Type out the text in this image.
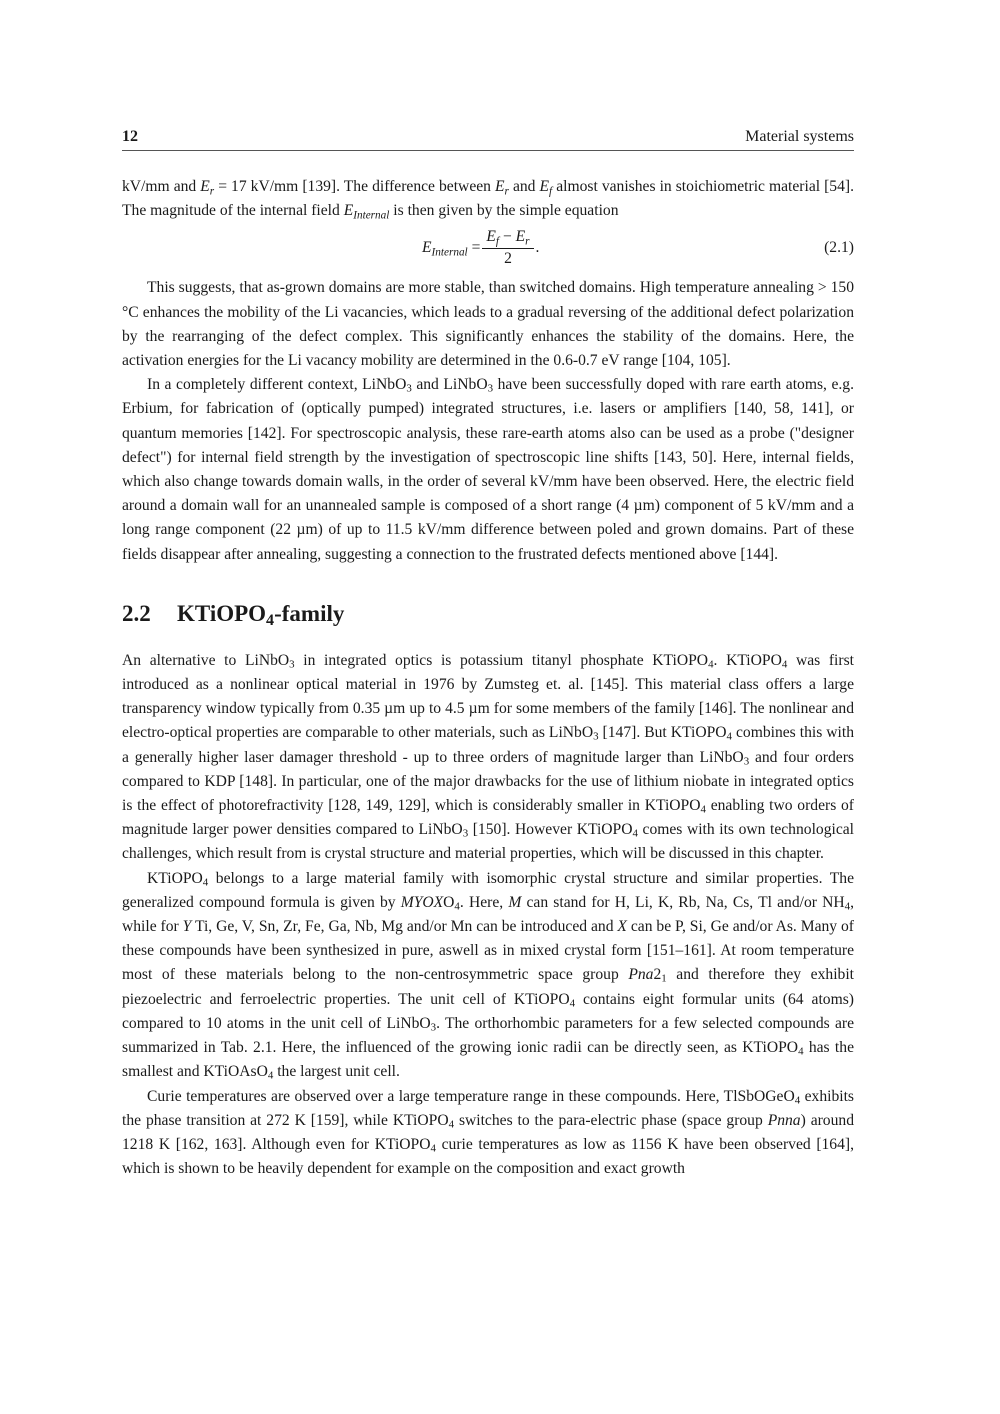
12	Material systems

kV/mm and $E_r = 17$ kV/mm [139]. The difference between $E_r$ and $E_f$ almost vanishes in stoichiometric material [54]. The magnitude of the internal field $E_{Internal}$ is then given by the simple equation

$E_{Internal} = \frac{E_f - E_r}{2}$ .	(2.1)

This suggests, that as-grown domains are more stable, than switched domains. High temperature annealing > 150 °C enhances the mobility of the Li vacancies, which leads to a gradual reversing of the additional defect polarization by the rearranging of the defect complex. This significantly enhances the stability of the domains. Here, the activation energies for the Li vacancy mobility are determined in the 0.6-0.7 eV range [104, 105].

In a completely different context, LiNbO3 and LiNbO3 have been successfully doped with rare earth atoms, e.g. Erbium, for fabrication of (optically pumped) integrated structures, i.e. lasers or amplifiers [140, 58, 141], or quantum memories [142]. For spectroscopic analysis, these rare-earth atoms also can be used as a probe ("designer defect") for internal field strength by the investigation of spectroscopic line shifts [143, 50]. Here, internal fields, which also change towards domain walls, in the order of several kV/mm have been observed. Here, the electric field around a domain wall for an unannealed sample is composed of a short range (4 µm) component of 5 kV/mm and a long range component (22 µm) of up to 11.5 kV/mm difference between poled and grown domains. Part of these fields disappear after annealing, suggesting a connection to the frustrated defects mentioned above [144].

2.2 KTiOPO4-family

An alternative to LiNbO3 in integrated optics is potassium titanyl phosphate KTiOPO4. KTiOPO4 was first introduced as a nonlinear optical material in 1976 by Zumsteg et. al. [145]. This material class offers a large transparency window typically from 0.35 µm up to 4.5 µm for some members of the family [146]. The nonlinear and electro-optical properties are comparable to other materials, such as LiNbO3 [147]. But KTiOPO4 combines this with a generally higher laser damager threshold - up to three orders of magnitude larger than LiNbO3 and four orders compared to KDP [148]. In particular, one of the major drawbacks for the use of lithium niobate in integrated optics is the effect of photorefractivity [128, 149, 129], which is considerably smaller in KTiOPO4 enabling two orders of magnitude larger power densities compared to LiNbO3 [150]. However KTiOPO4 comes with its own technological challenges, which result from is crystal structure and material properties, which will be discussed in this chapter.

KTiOPO4 belongs to a large material family with isomorphic crystal structure and similar properties. The generalized compound formula is given by MYOXO4. Here, M can stand for H, Li, K, Rb, Na, Cs, Tl and/or NH4, while for Y Ti, Ge, V, Sn, Zr, Fe, Ga, Nb, Mg and/or Mn can be introduced and X can be P, Si, Ge and/or As. Many of these compounds have been synthesized in pure, aswell as in mixed crystal form [151–161]. At room temperature most of these materials belong to the non-centrosymmetric space group Pna21 and therefore they exhibit piezoelectric and ferroelectric properties. The unit cell of KTiOPO4 contains eight formular units (64 atoms) compared to 10 atoms in the unit cell of LiNbO3. The orthorhombic parameters for a few selected compounds are summarized in Tab. 2.1. Here, the influenced of the growing ionic radii can be directly seen, as KTiOPO4 has the smallest and KTiOAsO4 the largest unit cell.

Curie temperatures are observed over a large temperature range in these compounds. Here, TlSbOGeO4 exhibits the phase transition at 272 K [159], while KTiOPO4 switches to the para-electric phase (space group Pnna) around 1218 K [162, 163]. Although even for KTiOPO4 curie temperatures as low as 1156 K have been observed [164], which is shown to be heavily dependent for example on the composition and exact growth
